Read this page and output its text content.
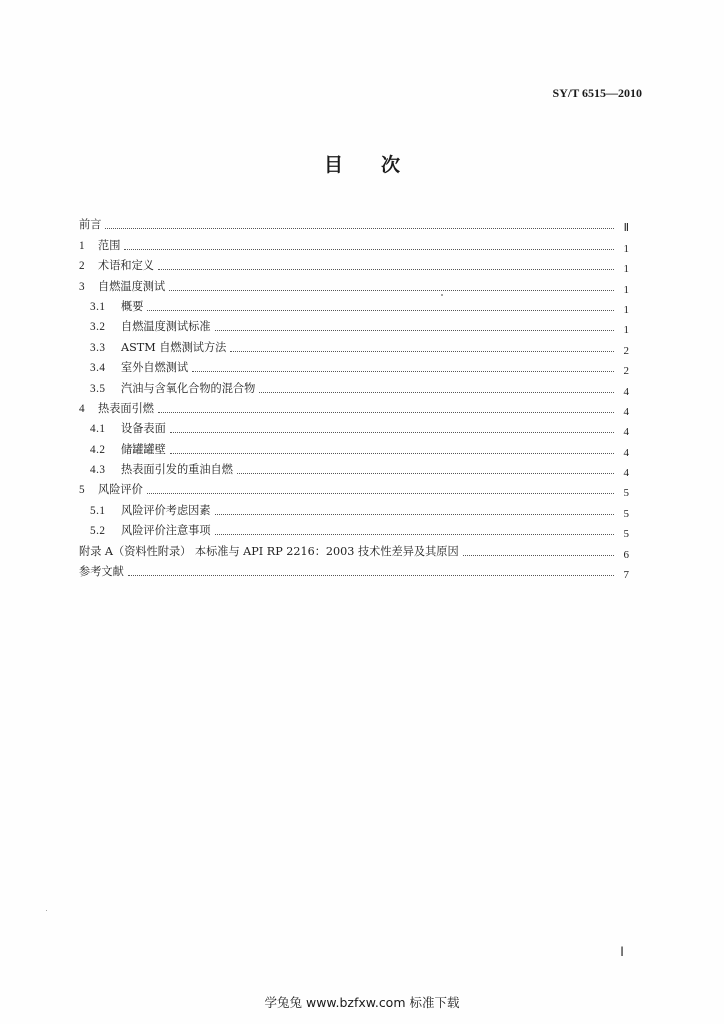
SY/T 6515—2010
目次
前言	Ⅱ
1	范围	1
2	术语和定义	1
3	自燃温度测试	1
3.1	概要	1
3.2	自燃温度测试标准	1
3.3	ASTM 自燃测试方法	2
3.4	室外自燃测试	2
3.5	汽油与含氧化合物的混合物	4
4	热表面引燃	4
4.1	设备表面	4
4.2	储罐罐壁	4
4.3	热表面引发的重油自燃	4
5	风险评价	5
5.1	风险评价考虑因素	5
5.2	风险评价注意事项	5
附录 A（资料性附录） 本标准与 API RP 2216：2003 技术性差异及其原因	6
参考文献	7
Ⅰ
学兔兔 www.bzfxw.com 标准下载
